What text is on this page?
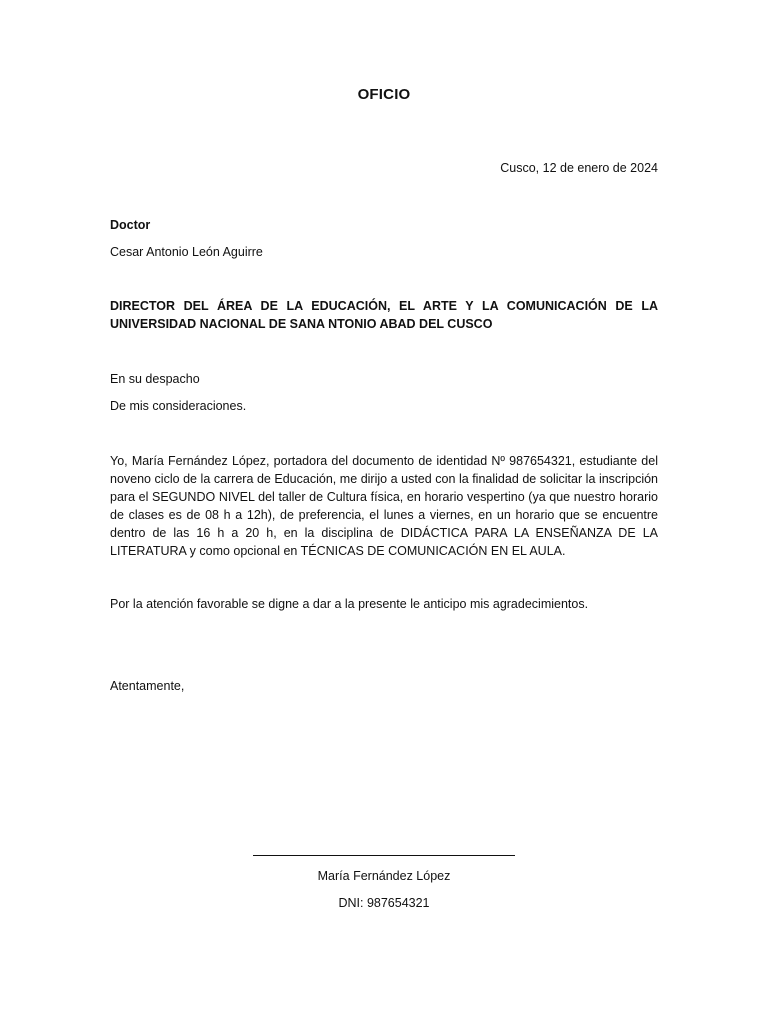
OFICIO
Cusco, 12 de enero de 2024
Doctor
Cesar Antonio León Aguirre
DIRECTOR DEL ÁREA DE LA EDUCACIÓN, EL ARTE Y LA COMUNICACIÓN DE LA UNIVERSIDAD NACIONAL DE SANA NTONIO ABAD DEL CUSCO
En su despacho
De mis consideraciones.
Yo, María Fernández López, portadora del documento de identidad Nº 987654321, estudiante del noveno ciclo de la carrera de Educación, me dirijo a usted con la finalidad de solicitar la inscripción para el SEGUNDO NIVEL del taller de Cultura física, en horario vespertino (ya que nuestro horario de clases es de 08 h a 12h), de preferencia, el lunes a viernes, en un horario que se encuentre dentro de las 16 h a 20 h, en la disciplina de DIDÁCTICA PARA LA ENSEÑANZA DE LA LITERATURA y como opcional en TÉCNICAS DE COMUNICACIÓN EN EL AULA.
Por la atención favorable se digne a dar a la presente le anticipo mis agradecimientos.
Atentamente,
María Fernández López
DNI: 987654321
